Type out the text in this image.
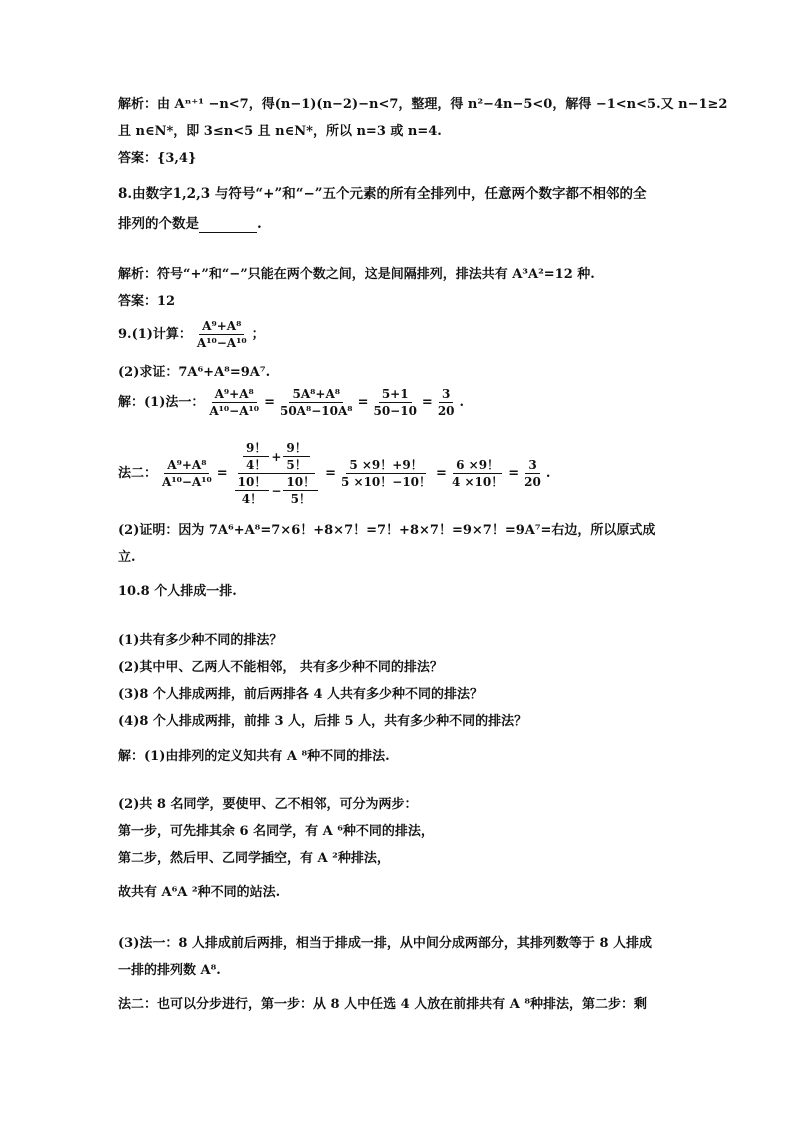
解析：由 Aⁿ⁺¹ −n<7，得(n−1)(n−2)−n<7，整理，得 n²−4n−5<0，解得 −1<n<5.又 n−1≥2
且 n∈N*，即 3≤n<5 且 n∈N*，所以 n=3 或 n=4.
答案：{3,4}
8.由数字1,2,3 与符号“+”和“−”五个元素的所有全排列中，任意两个数字都不相邻的全
排列的个数是	.
解析：符号“+”和“−”只能在两个数之间，这是间隔排列，排法共有 A³A²=12 种.
答案：12
9.(1)计算： $\frac{\text{A⁹+A⁸}}{\text{A¹⁰−A¹⁰}}$ ；
(2)求证：7A⁶+A⁸=9A⁷.
解：(1)法一： $\frac{\text{A⁹+A⁸}}{\text{A¹⁰−A¹⁰}} = \frac{\text{5A⁸+A⁸}}{\text{50A⁸−10A⁸}} = \frac{5+1}{50-10} = \frac{3}{20}$ .
法二： $\frac{\text{A⁹+A⁸}}{\text{A¹⁰−A¹⁰}} = \frac{\frac{9!}{4!} + \frac{9!}{5!}}{\frac{10!}{4!} - \frac{10!}{5!}} = \frac{5 \times 9!+9!}{5 \times 10!-10!} = \frac{6 \times 9!}{4 \times 10!} = \frac{3}{20}$ .
(2)证明：因为 7A⁶+A⁸=7×6！+8×7！=7！+8×7！=9×7！=9A⁷=右边，所以原式成
立.
10.8 个人排成一排.
(1)共有多少种不同的排法？
(2)其中甲、乙两人不能相邻， 共有多少种不同的排法？
(3)8 个人排成两排，前后两排各 4 人共有多少种不同的排法？
(4)8 个人排成两排，前排 3 人，后排 5 人，共有多少种不同的排法？
解：(1)由排列的定义知共有 A ⁸种不同的排法.
(2)共 8 名同学，要使甲、乙不相邻，可分为两步：
第一步，可先排其余 6 名同学，有 A ⁶种不同的排法，
第二步，然后甲、乙同学插空，有 A ²种排法，
故共有 A⁶A ²种不同的站法.
(3)法一：8 人排成前后两排，相当于排成一排，从中间分成两部分，其排列数等于 8 人排成
一排的排列数 A⁸.
法二：也可以分步进行，第一步：从 8 人中任选 4 人放在前排共有 A ⁸种排法，第二步：剩
